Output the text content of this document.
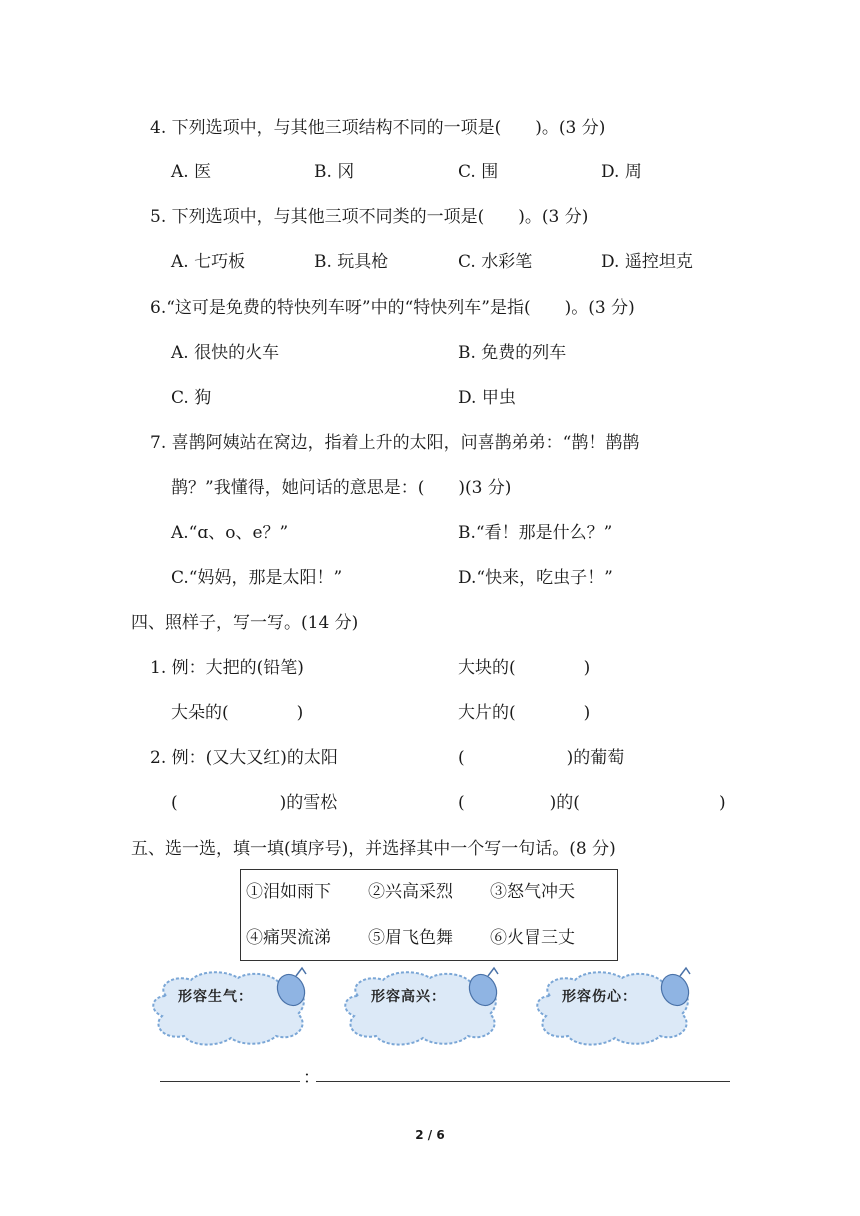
4. 下列选项中，与其他三项结构不同的一项是(　　)。(3 分)
A. 医	B. 冈	C. 围	D. 周
5. 下列选项中，与其他三项不同类的一项是(　　)。(3 分)
A. 七巧板	B. 玩具枪	C. 水彩笔	D. 遥控坦克
6.“这可是免费的特快列车呀”中的“特快列车”是指(　　)。(3 分)
A. 很快的火车	B. 免费的列车
C. 狗	D. 甲虫
7. 喜鹊阿姨站在窝边，指着上升的太阳，问喜鹊弟弟：“鹊！鹊鹊
鹊？”我懂得，她问话的意思是：(　　)(3 分)
A.“ɑ、o、e？”	B.“看！那是什么？”
C.“妈妈，那是太阳！”	D.“快来，吃虫子！”
四、照样子，写一写。(14 分)
1. 例：大把的(铅笔)	大块的(　　　　)
大朵的(　　　　)	大片的(　　　　)
2. 例：(又大又红)的太阳	(　　　　　　)的葡萄
(　　　　　　)的雪松	(　　　　　)的(	)
五、选一选，填一填(填序号)，并选择其中一个写一句话。(8 分)
①泪如雨下 ②兴高采烈 ③怒气冲天
④痛哭流涕 ⑤眉飞色舞 ⑥火冒三丈
形容生气：	形容高兴：	形容伤心：
：
2 / 6
